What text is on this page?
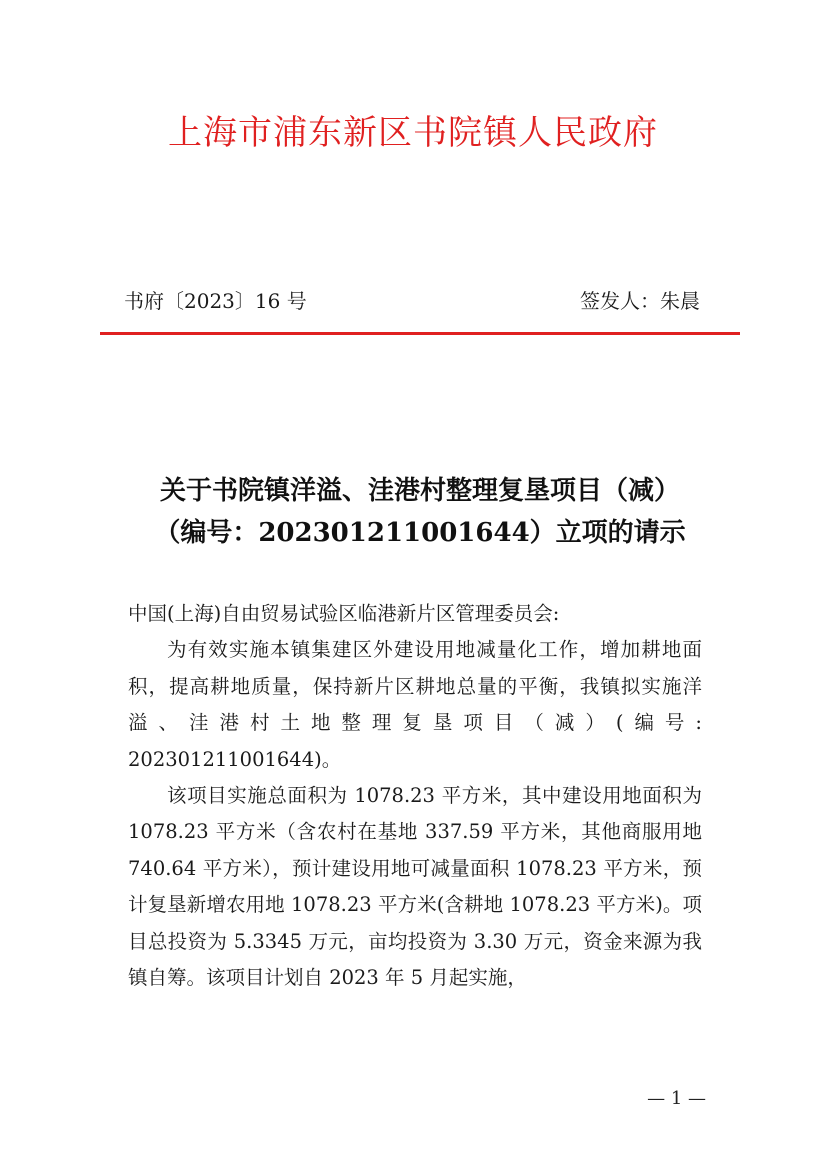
上海市浦东新区书院镇人民政府
书府〔2023〕16 号	签发人：朱晨
关于书院镇洋溢、洼港村整理复垦项目（减）
（编号：202301211001644）立项的请示

中国(上海)自由贸易试验区临港新片区管理委员会:

为有效实施本镇集建区外建设用地减量化工作，增加耕地面积，提高耕地质量，保持新片区耕地总量的平衡，我镇拟实施洋溢、洼港村土地整理复垦项目（减）(编号: 202301211001644)。

该项目实施总面积为 1078.23 平方米，其中建设用地面积为 1078.23 平方米（含农村在基地 337.59 平方米，其他商服用地 740.64 平方米），预计建设用地可减量面积 1078.23 平方米，预计复垦新增农用地 1078.23 平方米(含耕地 1078.23 平方米)。项目总投资为 5.3345 万元，亩均投资为 3.30 万元，资金来源为我镇自筹。该项目计划自 2023 年 5 月起实施，

— 1 —
